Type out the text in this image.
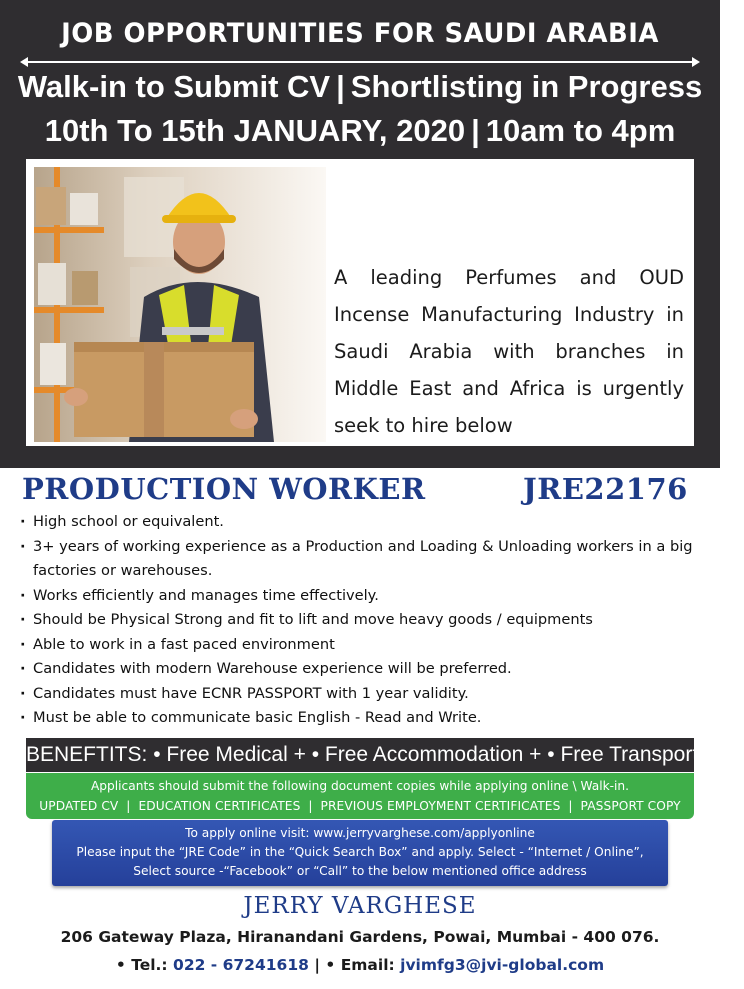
JOB OPPORTUNITIES FOR SAUDI ARABIA
Walk-in to Submit CV | Shortlisting in Progress
10th To 15th JANUARY, 2020 | 10am to 4pm
A leading Perfumes and OUD Incense Manufacturing Industry in Saudi Arabia with branches in Middle East and Africa is urgently seek to hire below
PRODUCTION WORKER	JRE22176
· High school or equivalent.
· 3+ years of working experience as a Production and Loading & Unloading workers in a big factories or warehouses.
· Works efficiently and manages time effectively.
· Should be Physical Strong and fit to lift and move heavy goods / equipments
· Able to work in a fast paced environment
· Candidates with modern Warehouse experience will be preferred.
· Candidates must have ECNR PASSPORT with 1 year validity.
· Must be able to communicate basic English - Read and Write.
BENEFTITS: • Free Medical + • Free Accommodation + • Free Transportation
Applicants should submit the following document copies while applying online \ Walk-in.
UPDATED CV  |  EDUCATION CERTIFICATES  |  PREVIOUS EMPLOYMENT CERTIFICATES  |  PASSPORT COPY
To apply online visit: www.jerryvarghese.com/applyonline
Please input the “JRE Code” in the “Quick Search Box” and apply. Select - “Internet / Online”,
Select source -“Facebook” or “Call” to the below mentioned office address
JERRY VARGHESE
206 Gateway Plaza, Hiranandani Gardens, Powai, Mumbai - 400 076.
• Tel.: 022 - 67241618 | • Email: jvimfg3@jvi-global.com
